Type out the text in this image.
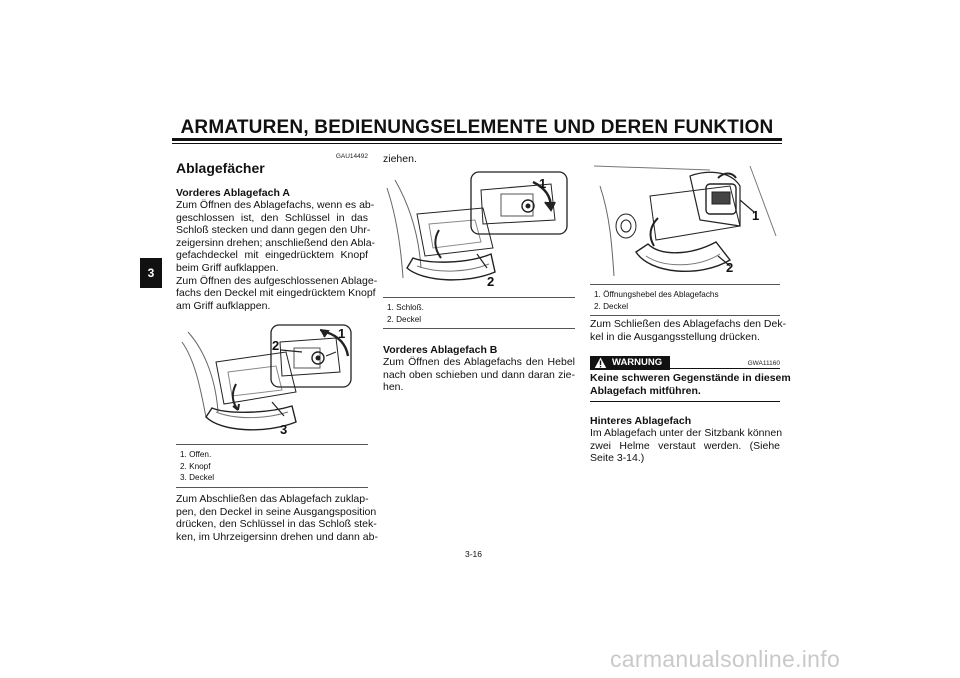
ARMATUREN, BEDIENUNGSELEMENTE UND DEREN FUNKTION
3
GAU14492
Ablagefächer
Vorderes Ablagefach A
Zum Öffnen des Ablagefachs, wenn es ab-
geschlossen ist, den Schlüssel in das
Schloß stecken und dann gegen den Uhr-
zeigersinn drehen; anschließend den Abla-
gefachdeckel mit eingedrücktem Knopf
beim Griff aufklappen.
Zum Öffnen des aufgeschlossenen Ablage-
fachs den Deckel mit eingedrücktem Knopf
am Griff aufklappen.
2
1
3
1. Offen.
2. Knopf
3. Deckel
Zum Abschließen das Ablagefach zuklap-
pen, den Deckel in seine Ausgangsposition
drücken, den Schlüssel in das Schloß stek-
ken, im Uhrzeigersinn drehen und dann ab-
ziehen.
1
2
1. Schloß.
2. Deckel
Vorderes Ablagefach B
Zum Öffnen des Ablagefachs den Hebel
nach oben schieben und dann daran zie-
hen.
1
2
1. Öffnungshebel des Ablagefachs
2. Deckel
Zum Schließen des Ablagefachs den Dek-
kel in die Ausgangsstellung drücken.
WARNUNG	GWA11160
Keine schweren Gegenstände in diesem
Ablagefach mitführen.
Hinteres Ablagefach
Im Ablagefach unter der Sitzbank können
zwei Helme verstaut werden. (Siehe
Seite 3-14.)
3-16
carmanualsonline.info
